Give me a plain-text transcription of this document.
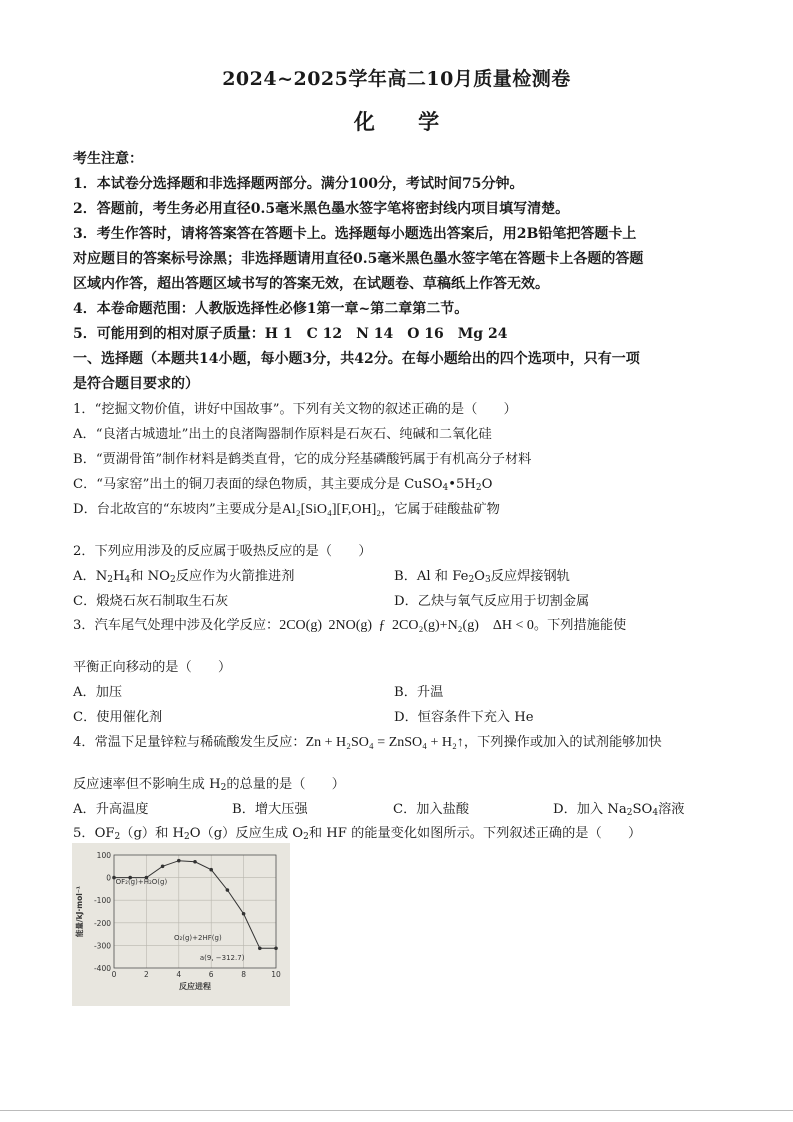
2024~2025学年高二10月质量检测卷
化 学
考生注意：
1．本试卷分选择题和非选择题两部分。满分100分，考试时间75分钟。
2．答题前，考生务必用直径0.5毫米黑色墨水签字笔将密封线内项目填写清楚。
3．考生作答时，请将答案答在答题卡上。选择题每小题选出答案后，用2B铅笔把答题卡上
对应题目的答案标号涂黑；非选择题请用直径0.5毫米黑色墨水签字笔在答题卡上各题的答题
区域内作答，超出答题区域书写的答案无效，在试题卷、草稿纸上作答无效。
4．本卷命题范围：人教版选择性必修1第一章~第二章第二节。
5．可能用到的相对原子质量：H 1　C 12　N 14　O 16　Mg 24
一、选择题（本题共14小题，每小题3分，共42分。在每小题给出的四个选项中，只有一项
是符合题目要求的）
1．“挖掘文物价值，讲好中国故事”。下列有关文物的叙述正确的是（　　）
A．“良渚古城遗址”出土的良渚陶器制作原料是石灰石、纯碱和二氧化硅
B．“贾湖骨笛”制作材料是鹤类直骨，它的成分羟基磷酸钙属于有机高分子材料
C．“马家窑”出土的铜刀表面的绿色物质，其主要成分是 $CuSO_4•5H_2O$
D．台北故宫的“东坡肉”主要成分是Al₂[SiO₄][F,OH]₂，它属于硅酸盐矿物
2．下列应用涉及的反应属于吸热反应的是（　　）
A．$N_2H_4$和 $NO_2$反应作为火箭推进剂	B．Al 和 $Fe_2O_3$反应焊接钢轨
C．煅烧石灰石制取生石灰	D．乙炔与氧气反应用于切割金属
3．汽车尾气处理中涉及化学反应：2CO(g) 2NO(g) ƒ 2CO₂(g)+N₂(g) ΔH < 0。下列措施能使
平衡正向移动的是（　　）
A．加压	B．升温
C．使用催化剂	D．恒容条件下充入 He
4．常温下足量锌粒与稀硫酸发生反应：Zn + H₂SO₄ = ZnSO₄ + H₂↑，下列操作或加入的试剂能够加快
反应速率但不影响生成 $H_2$的总量的是（　　）
A．升高温度	B．增大压强	C．加入盐酸	D．加入 $Na_2SO_4$溶液
5．$OF_2(g)$和 $H_2O(g)$反应生成 $O_2$和 HF 的能量变化如图所示。下列叙述正确的是（　　）
100
0
-100
-200
-300
-400
0	2	4	6	8	10
反应进程
能量/kJ·mol⁻¹
OF₂(g)+H₂O(g)
O₂(g)+2HF(g)
a(9, −312.7)
